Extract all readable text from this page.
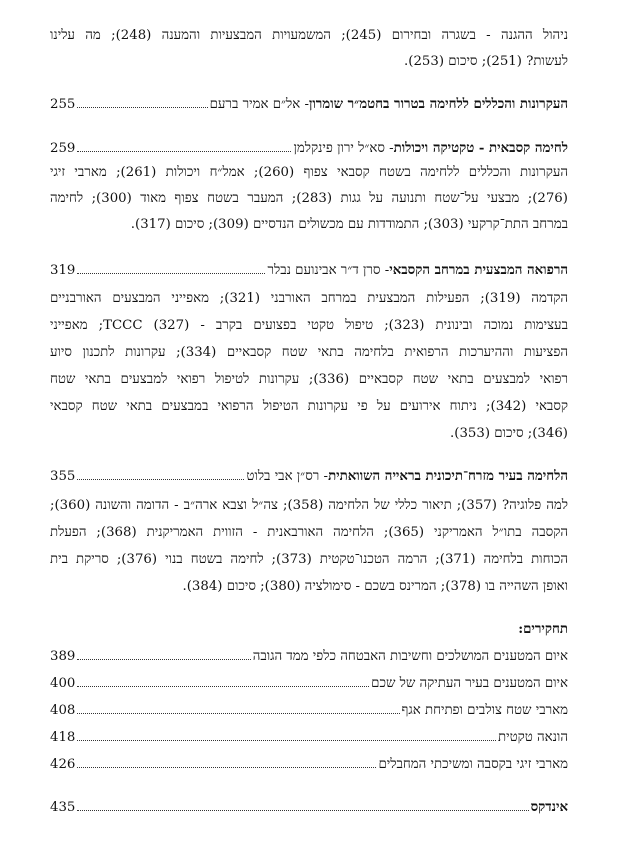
ניהול ההגנה - בשגרה ובחירום (245); המשמעויות המבצעיות והמענה (248); מה עלינו
לעשות? (251); סיכום (253).
העקרונות והכללים ללחימה בטרור בחטמ״ר שומרון
- אל״ם אמיר ברעם
255
לחימה קסבאית - טקטיקה ויכולות
- סא״ל ירון פינקלמן
259
העקרונות והכללים ללחימה בשטח קסבאי צפוף (260); אמל״ח ויכולות (261); מארבי זיגי
(276); מבצעי על־שטח ותנועה על גגות (283); המעבר בשטח צפוף מאוד (300); לחימה
במרחב התת־קרקעי (303); התמודדות עם מכשולים הנדסיים (309); סיכום (317).
הרפואה המבצעית במרחב הקסבאי
- סרן ד״ר אבינועם נבלר
319
הקדמה (319); הפעילות המבצעית במרחב האורבני (321); מאפייני המבצעים האורבניים
בעצימות נמוכה ובינונית (323); טיפול טקטי בפצועים בקרב - TCCC (327); מאפייני
הפציעות וההיערכות הרפואית בלחימה בתאי שטח קסבאיים (334); עקרונות לתכנון סיוע
רפואי למבצעים בתאי שטח קסבאיים (336); עקרונות לטיפול רפואי למבצעים בתאי שטח
קסבאי (342); ניתוח אירועים על פי עקרונות הטיפול הרפואי במבצעים בתאי שטח קסבאי
(346); סיכום (353).
הלחימה בעיר מזרח־תיכונית בראייה השוואתית
- רס״ן אבי בלוט
355
למה פלוגיה? (357); תיאור כללי של הלחימה (358); צה״ל וצבא ארה״ב - הדומה והשונה (360);
הקסבה בתו״ל האמריקני (365); הלחימה האורבאנית - הזווית האמריקנית (368); הפעלת
הכוחות בלחימה (371); הרמה הטכנו־טקטית (373); לחימה בשטח בנוי (376); סריקת בית
ואופן השהייה בו (378); המרינס בשכם - סימולציה (380); סיכום (384).
תחקירים:
איום המטענים המושלכים וחשיבות האבטחה כלפי ממד הגובה
389
איום המטענים בעיר העתיקה של שכם
400
מארבי שטח צולבים ופתיחת אגף
408
הונאה טקטית
418
מארבי זיגי בקסבה ומשיכתי המחבלים
426
אינדקס
435
